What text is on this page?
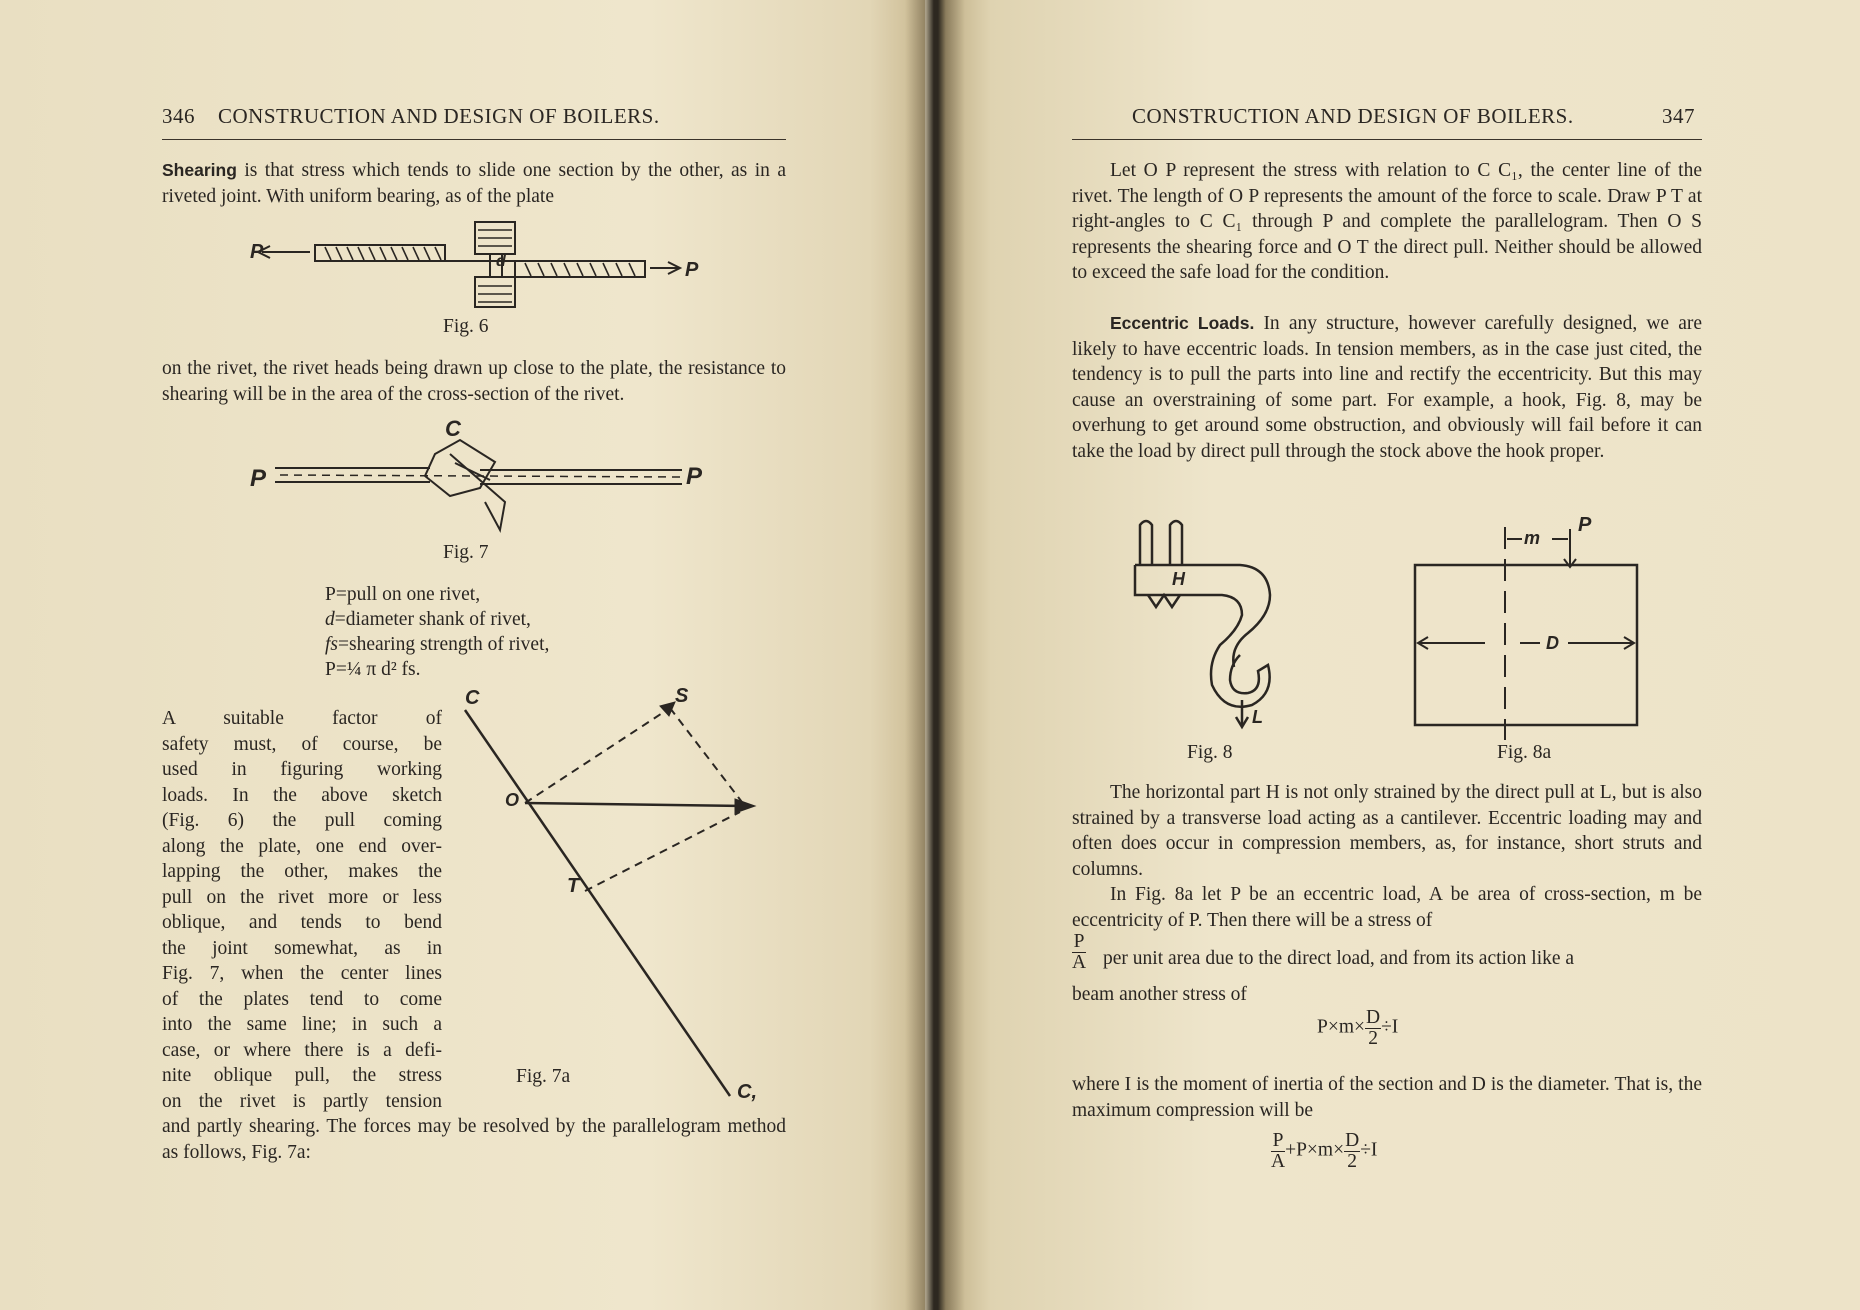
346 CONSTRUCTION AND DESIGN OF BOILERS.
Shearing is that stress which tends to slide one section by the other, as in a riveted joint. With uniform bearing, as of the plate
P
P
d
Fig. 6
on the rivet, the rivet heads being drawn up close to the plate, the resistance to shearing will be in the area of the cross-section of the rivet.
P	P
C
Fig. 7
P=pull on one rivet,
d=diameter shank of rivet,
fs=shearing strength of rivet,
P=¼ π d² fs.
A suitable factor of
safety must, of course, be
used in figuring working
loads. In the above sketch
(Fig. 6) the pull coming
along the plate, one end over-
lapping the other, makes the
pull on the rivet more or less
oblique, and tends to bend
the joint somewhat, as in
Fig. 7, when the center lines
of the plates tend to come
into the same line; in such a
case, or where there is a defi-
nite oblique pull, the stress
on the rivet is partly tension
and partly shearing. The forces may be resolved by the parallelogram method as follows, Fig. 7a:
C	S
O
T
C,
Fig. 7a
CONSTRUCTION AND DESIGN OF BOILERS.	347
Let O P represent the stress with relation to C C₁, the center line of the rivet. The length of O P represents the amount of the force to scale. Draw P T at right-angles to C C₁ through P and complete the parallelogram. Then O S represents the shearing force and O T the direct pull. Neither should be allowed to exceed the safe load for the condition.
Eccentric Loads. In any structure, however carefully designed, we are likely to have eccentric loads. In tension members, as in the case just cited, the tendency is to pull the parts into line and rectify the eccentricity. But this may cause an overstraining of some part. For example, a hook, Fig. 8, may be overhung to get around some obstruction, and obviously will fail before it can take the load by direct pull through the stock above the hook proper.
H
L
Fig. 8
m
P
D
Fig. 8a
The horizontal part H is not only strained by the direct pull at L, but is also strained by a transverse load acting as a cantilever. Eccentric loading may and often does occur in compression members, as, for instance, short struts and columns.
In Fig. 8a let P be an eccentric load, A be area of cross-section, m be eccentricity of P. Then there will be a stress of
$\frac{P}{A}$ per unit area due to the direct load, and from its action like a
beam another stress of
$P\times m\times \frac{D}{2} \div I$
where I is the moment of inertia of the section and D is the diameter. That is, the maximum compression will be
$\frac{P}{A} +P\times m\times \frac{D}{2} \div I$
